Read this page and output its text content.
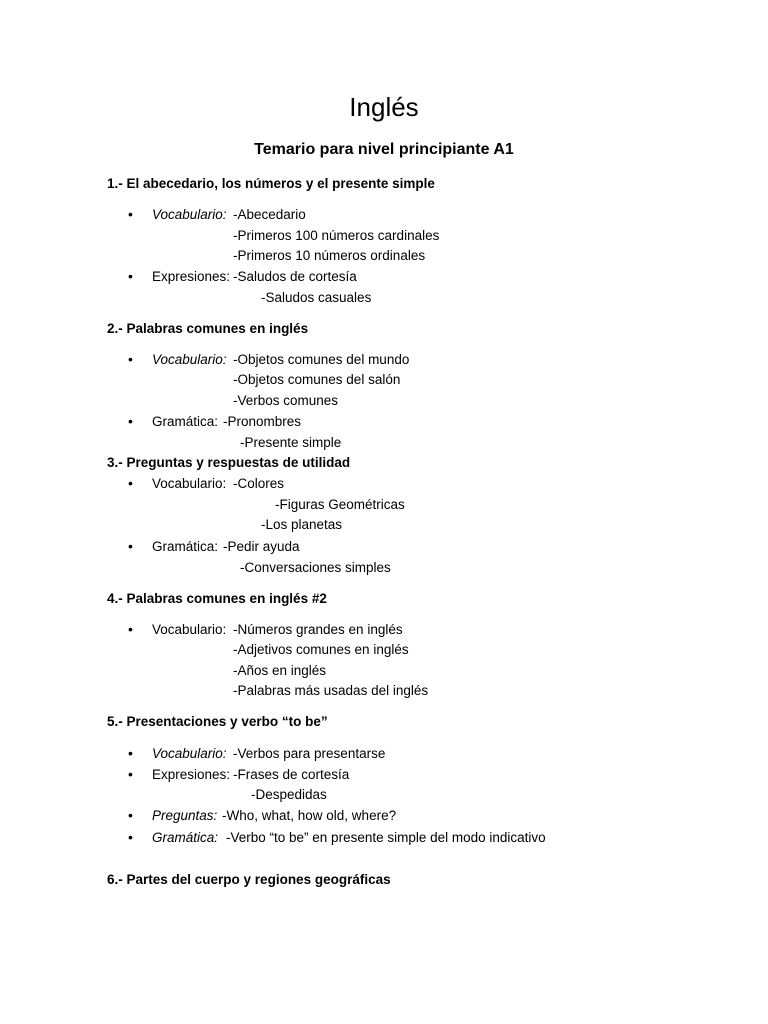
Inglés
Temario para nivel principiante A1
1.- El abecedario, los números y el presente simple
• Vocabulario: -Abecedario
-Primeros 100 números cardinales
-Primeros 10 números ordinales
• Expresiones: -Saludos de cortesía
-Saludos casuales
2.- Palabras comunes en inglés
• Vocabulario: -Objetos comunes del mundo
-Objetos comunes del salón
-Verbos comunes
• Gramática: -Pronombres
-Presente simple
3.- Preguntas y respuestas de utilidad
• Vocabulario: -Colores
-Figuras Geométricas
-Los planetas
• Gramática: -Pedir ayuda
-Conversaciones simples
4.- Palabras comunes en inglés #2
• Vocabulario: -Números grandes en inglés
-Adjetivos comunes en inglés
-Años en inglés
-Palabras más usadas del inglés
5.- Presentaciones y verbo “to be”
• Vocabulario: -Verbos para presentarse
• Expresiones: -Frases de cortesía
-Despedidas
• Preguntas: -Who, what, how old, where?
• Gramática: -Verbo “to be” en presente simple del modo indicativo
6.- Partes del cuerpo y regiones geográficas
